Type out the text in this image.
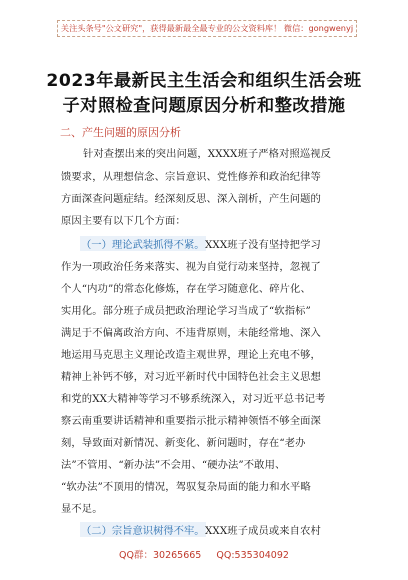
关注头条号"公文研究"，获得最新最全最专业的公文资料库！ 微信：gongwenyj
2023年最新民主生活会和组织生活会班
子对照检查问题原因分析和整改措施
二、产生问题的原因分析
针对查摆出来的突出问题，XXXX班子严格对照巡视反
馈要求，从理想信念、宗旨意识、党性修养和政治纪律等
方面深查问题症结。经深刻反思、深入剖析，产生问题的
原因主要有以下几个方面：
（一）理论武装抓得不紧。 XXX班子没有坚持把学习
作为一项政治任务来落实、视为自觉行动来坚持，忽视了
个人“内功”的常态化修炼，存在学习随意化、碎片化、
实用化。部分班子成员把政治理论学习当成了“软指标”
满足于不偏离政治方向、不违背原则，未能经常地、深入
地运用马克思主义理论改造主观世界，理论上充电不够，
精神上补钙不够，对习近平新时代中国特色社会主义思想
和党的XX大精神等学习不够系统深入，对习近平总书记考
察云南重要讲话精神和重要指示批示精神领悟不够全面深
刻，导致面对新情况、新变化、新问题时，存在“老办
法”不管用、“新办法”不会用、“硬办法”不敢用、
“软办法”不顶用的情况，驾驭复杂局面的能力和水平略
显不足。
（二）宗旨意识树得不牢。
QQ群：30265665 QQ:535304092
XXX班子成员或来自农村
